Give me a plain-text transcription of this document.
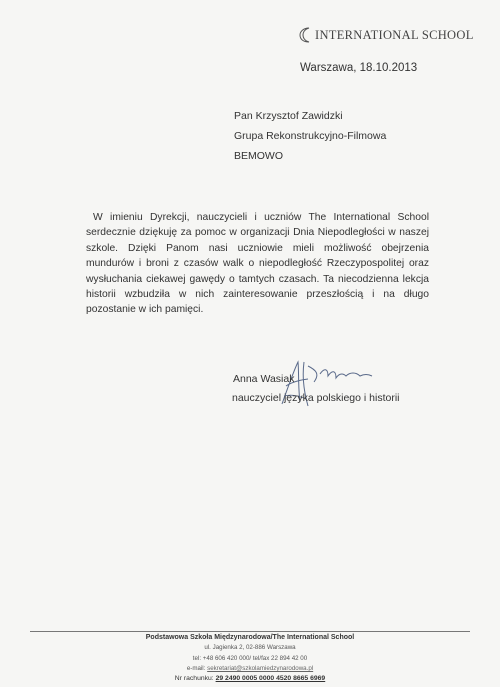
INTERNATIONAL SCHOOL
Warszawa, 18.10.2013
Pan Krzysztof Zawidzki
Grupa Rekonstrukcyjno-Filmowa
BEMOWO
W imieniu Dyrekcji, nauczycieli i uczniów The International School serdecznie dziękuję za pomoc w organizacji Dnia Niepodległości w naszej szkole. Dzięki Panom nasi uczniowie mieli możliwość obejrzenia mundurów i broni z czasów walk o niepodległość Rzeczypospolitej oraz wysłuchania ciekawej gawędy o tamtych czasach. Ta niecodzienna lekcja historii wzbudziła w nich zainteresowanie przeszłością i na długo pozostanie w ich pamięci.
Anna Wasiak
nauczyciel języka polskiego i historii
Podstawowa Szkoła Międzynarodowa/The International School
ul. Jagienka 2, 02-886 Warszawa
tel: +48 606 420 000/ tel/fax 22 894 42 00
e-mail: sekretariat@szkolamiedzynarodowa.pl
Nr rachunku: 29 2490 0005 0000 4520 8665 6969
